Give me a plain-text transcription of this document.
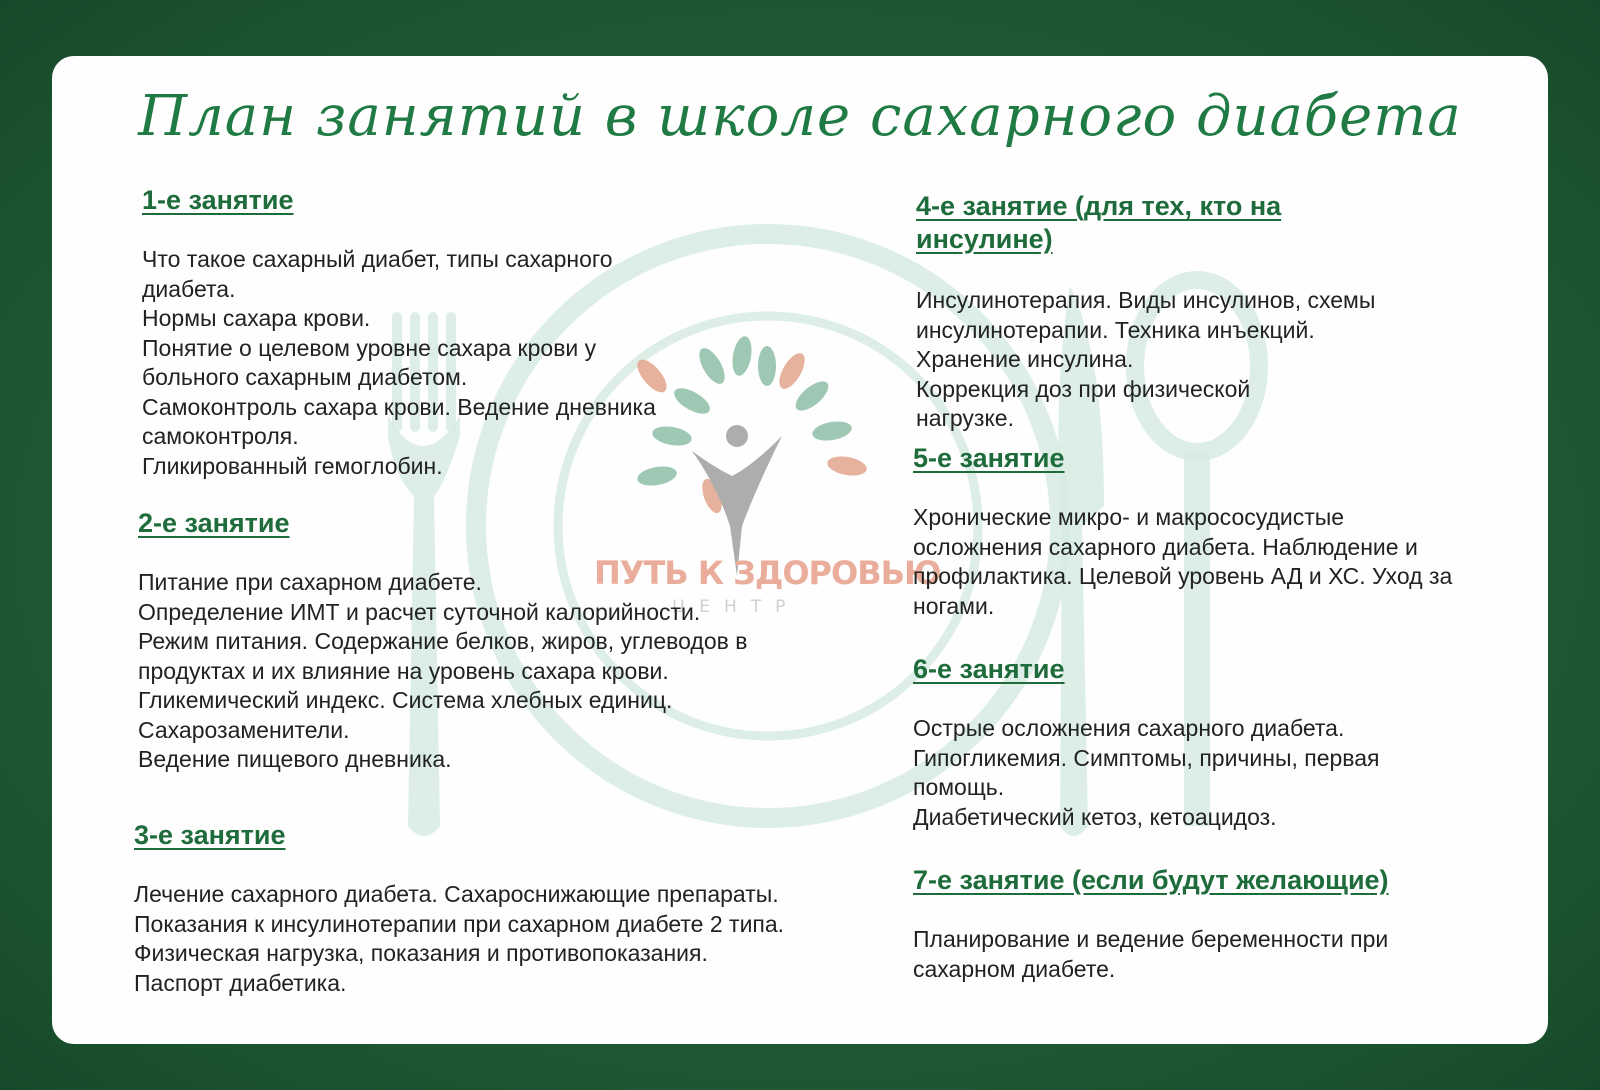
ПУТЬ К ЗДОРОВЬЮ
ЦЕНТР
План занятий в школе сахарного диабета
1-е занятие
Что такое сахарный диабет, типы сахарного
диабета.
Нормы сахара крови.
Понятие о целевом уровне сахара крови у
больного сахарным диабетом.
Самоконтроль сахара крови. Ведение дневника
самоконтроля.
Гликированный гемоглобин.
2-е занятие
Питание при сахарном диабете.
Определение ИМТ и расчет суточной калорийности.
Режим питания. Содержание белков, жиров, углеводов в
продуктах и их влияние на уровень сахара крови.
Гликемический индекс. Система хлебных единиц.
Сахарозаменители.
Ведение пищевого дневника.
3-е занятие
Лечение сахарного диабета. Сахароснижающие препараты.
Показания к инсулинотерапии при сахарном диабете 2 типа.
Физическая нагрузка, показания и противопоказания.
Паспорт диабетика.
4-е занятие (для тех, кто на
инсулине)
Инсулинотерапия. Виды инсулинов, схемы
инсулинотерапии. Техника инъекций.
Хранение инсулина.
Коррекция доз при физической
нагрузке.
5-е занятие
Хронические микро- и макрососудистые
осложнения сахарного диабета. Наблюдение и
профилактика. Целевой уровень АД и ХС. Уход за
ногами.
6-е занятие
Острые осложнения сахарного диабета.
Гипогликемия. Симптомы, причины, первая
помощь.
Диабетический кетоз, кетоацидоз.
7-е занятие (если будут желающие)
Планирование и ведение беременности при
сахарном диабете.
